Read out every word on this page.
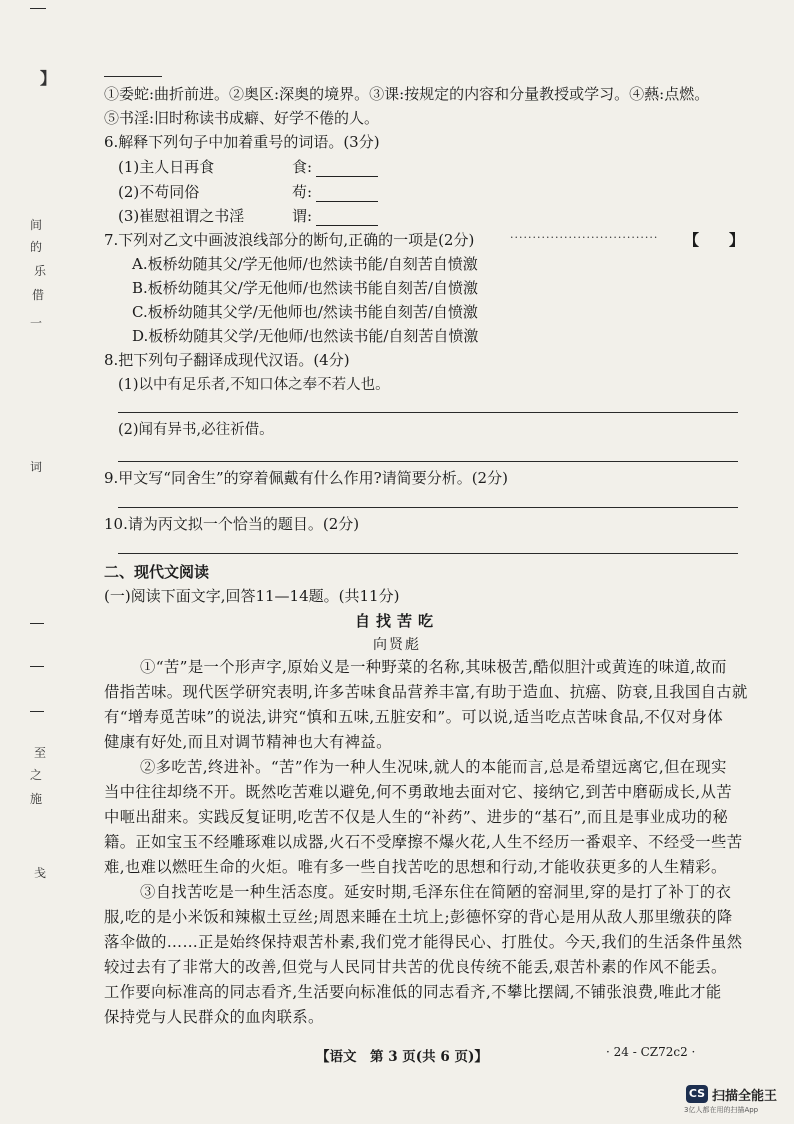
】
间
的
乐
借
一
词
至
之
施
戋
①委蛇:曲折前进。②奥区:深奥的境界。③课:按规定的内容和分量教授或学习。④爇:点燃。
⑤书淫:旧时称读书成癖、好学不倦的人。
6.解释下列句子中加着重号的词语。(3分)
(1)主人日再食	食:
(2)不苟同俗	苟:
(3)崔慰祖谓之书淫	谓:
7.下列对乙文中画波浪线部分的断句,正确的一项是(2分)	································· 【　　】
A.板桥幼随其父/学无他师/也然读书能/自刻苦自愤激
B.板桥幼随其父/学无他师/也然读书能自刻苦/自愤激
C.板桥幼随其父学/无他师也/然读书能自刻苦/自愤激
D.板桥幼随其父学/无他师/也然读书能/自刻苦自愤激
8.把下列句子翻译成现代汉语。(4分)
(1)以中有足乐者,不知口体之奉不若人也。
(2)闻有异书,必往祈借。
9.甲文写“同舍生”的穿着佩戴有什么作用?请简要分析。(2分)
10.请为丙文拟一个恰当的题目。(2分)
二、现代文阅读
(一)阅读下面文字,回答11—14题。(共11分)
自找苦吃
向贤彪
①“苦”是一个形声字,原始义是一种野菜的名称,其味极苦,酷似胆汁或黄连的味道,故而
借指苦味。现代医学研究表明,许多苦味食品营养丰富,有助于造血、抗癌、防衰,且我国自古就
有“增寿觅苦味”的说法,讲究“慎和五味,五脏安和”。可以说,适当吃点苦味食品,不仅对身体
健康有好处,而且对调节精神也大有裨益。
②多吃苦,终进补。“苦”作为一种人生况味,就人的本能而言,总是希望远离它,但在现实
当中往往却绕不开。既然吃苦难以避免,何不勇敢地去面对它、接纳它,到苦中磨砺成长,从苦
中咂出甜来。实践反复证明,吃苦不仅是人生的“补药”、进步的“基石”,而且是事业成功的秘
籍。正如宝玉不经雕琢难以成器,火石不受摩擦不爆火花,人生不经历一番艰辛、不经受一些苦
难,也难以燃旺生命的火炬。唯有多一些自找苦吃的思想和行动,才能收获更多的人生精彩。
③自找苦吃是一种生活态度。延安时期,毛泽东住在简陋的窑洞里,穿的是打了补丁的衣
服,吃的是小米饭和辣椒土豆丝;周恩来睡在土坑上;彭德怀穿的背心是用从敌人那里缴获的降
落伞做的……正是始终保持艰苦朴素,我们党才能得民心、打胜仗。今天,我们的生活条件虽然
较过去有了非常大的改善,但党与人民同甘共苦的优良传统不能丢,艰苦朴素的作风不能丢。
工作要向标准高的同志看齐,生活要向标准低的同志看齐,不攀比摆阔,不铺张浪费,唯此才能
保持党与人民群众的血肉联系。
【语文　第 3 页(共 6 页)】	· 24 - CZ72c2 ·
CS 扫描全能王
3亿人都在用的扫描App
